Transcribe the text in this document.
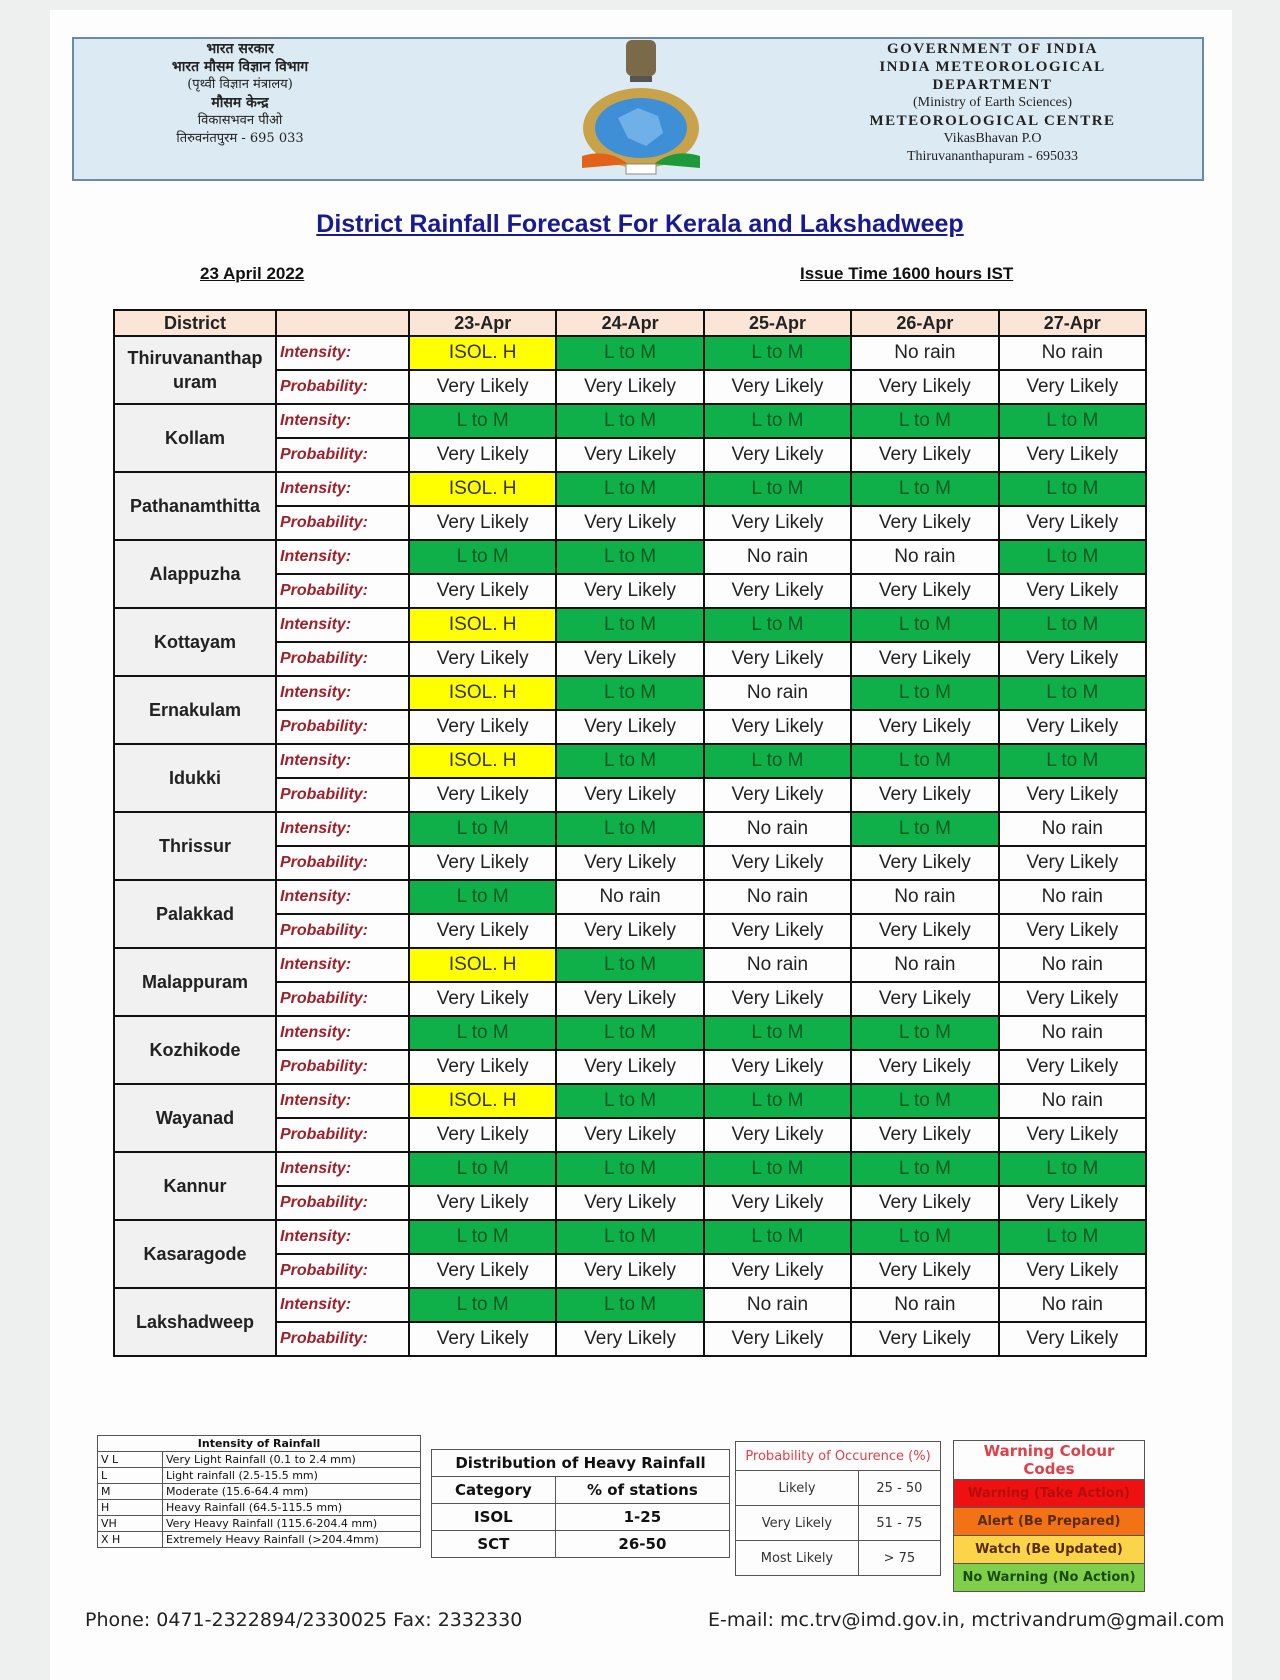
भारत सरकार
भारत मौसम विज्ञान विभाग
(पृथ्वी विज्ञान मंत्रालय)
मौसम केन्द्र
विकासभवन पीओ
तिरुवनंतपुरम - 695 033
GOVERNMENT OF INDIA
INDIA METEOROLOGICAL
DEPARTMENT
(Ministry of Earth Sciences)
METEOROLOGICAL CENTRE
VikasBhavan P.O
Thiruvananthapuram - 695033
District Rainfall Forecast For Kerala and Lakshadweep
23 April 2022	Issue Time 1600 hours IST
District		23-Apr	24-Apr	25-Apr	26-Apr	27-Apr

Thiruvananthap
uram	Intensity:	ISOL. H	L to M	L to M	No rain	No rain
	Probability:	Very Likely	Very Likely	Very Likely	Very Likely	Very Likely
Kollam	Intensity:	L to M	L to M	L to M	L to M	L to M
	Probability:	Very Likely	Very Likely	Very Likely	Very Likely	Very Likely
Pathanamthitta	Intensity:	ISOL. H	L to M	L to M	L to M	L to M
	Probability:	Very Likely	Very Likely	Very Likely	Very Likely	Very Likely
Alappuzha	Intensity:	L to M	L to M	No rain	No rain	L to M
	Probability:	Very Likely	Very Likely	Very Likely	Very Likely	Very Likely
Kottayam	Intensity:	ISOL. H	L to M	L to M	L to M	L to M
	Probability:	Very Likely	Very Likely	Very Likely	Very Likely	Very Likely
Ernakulam	Intensity:	ISOL. H	L to M	No rain	L to M	L to M
	Probability:	Very Likely	Very Likely	Very Likely	Very Likely	Very Likely
Idukki	Intensity:	ISOL. H	L to M	L to M	L to M	L to M
	Probability:	Very Likely	Very Likely	Very Likely	Very Likely	Very Likely
Thrissur	Intensity:	L to M	L to M	No rain	L to M	No rain
	Probability:	Very Likely	Very Likely	Very Likely	Very Likely	Very Likely
Palakkad	Intensity:	L to M	No rain	No rain	No rain	No rain
	Probability:	Very Likely	Very Likely	Very Likely	Very Likely	Very Likely
Malappuram	Intensity:	ISOL. H	L to M	No rain	No rain	No rain
	Probability:	Very Likely	Very Likely	Very Likely	Very Likely	Very Likely
Kozhikode	Intensity:	L to M	L to M	L to M	L to M	No rain
	Probability:	Very Likely	Very Likely	Very Likely	Very Likely	Very Likely
Wayanad	Intensity:	ISOL. H	L to M	L to M	L to M	No rain
	Probability:	Very Likely	Very Likely	Very Likely	Very Likely	Very Likely
Kannur	Intensity:	L to M	L to M	L to M	L to M	L to M
	Probability:	Very Likely	Very Likely	Very Likely	Very Likely	Very Likely
Kasaragode	Intensity:	L to M	L to M	L to M	L to M	L to M
	Probability:	Very Likely	Very Likely	Very Likely	Very Likely	Very Likely
Lakshadweep	Intensity:	L to M	L to M	No rain	No rain	No rain
	Probability:	Very Likely	Very Likely	Very Likely	Very Likely	Very Likely
Intensity of Rainfall	
V L	Very Light Rainfall (0.1 to 2.4 mm)
L	Light rainfall (2.5-15.5 mm)
M	Moderate (15.6-64.4 mm)
H	Heavy Rainfall (64.5-115.5 mm)
VH	Very Heavy Rainfall (115.6-204.4 mm)
X H	Extremely Heavy Rainfall (>204.4mm)
Distribution of Heavy Rainfall	
Category	% of stations
ISOL	1-25
SCT	26-50
Probability of Occurence (%)	
Likely	25 - 50
Very Likely	51 - 75
Most Likely	> 75
Warning Colour Codes
Warning (Take Action)
Alert (Be Prepared)
Watch (Be Updated)
No Warning (No Action)
Phone: 0471-2322894/2330025 Fax: 2332330	E-mail: mc.trv@imd.gov.in, mctrivandrum@gmail.com
